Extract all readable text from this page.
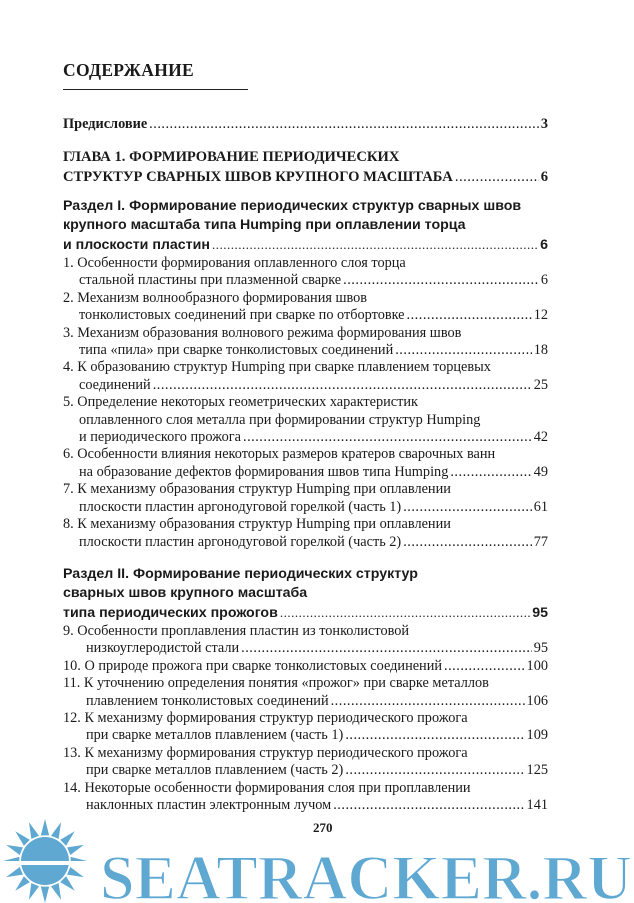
СОДЕРЖАНИЕ
Предисловие .....	3
ГЛАВА 1. ФОРМИРОВАНИЕ ПЕРИОДИЧЕСКИХ
СТРУКТУР СВАРНЫХ ШВОВ КРУПНОГО МАСШТАБА .....	6
Раздел I. Формирование периодических структур сварных швов
крупного масштаба типа Humping при оплавлении торца
и плоскости пластин .....	6
1. Особенности формирования оплавленного слоя торца
стальной пластины при плазменной сварке .....	6
2. Механизм волнообразного формирования швов
тонколистовых соединений при сварке по отбортовке .....	12
3. Механизм образования волнового режима формирования швов
типа «пила» при сварке тонколистовых соединений .....	18
4. К образованию структур Humping при сварке плавлением торцевых
соединений .....	25
5. Определение некоторых геометрических характеристик
оплавленного слоя металла при формировании структур Humping
и периодического прожога .....	42
6. Особенности влияния некоторых размеров кратеров сварочных ванн
на образование дефектов формирования швов типа Humping .....	49
7. К механизму образования структур Humping при оплавлении
плоскости пластин аргонодуговой горелкой (часть 1) .....	61
8. К механизму образования структур Humping при оплавлении
плоскости пластин аргонодуговой горелкой (часть 2) .....	77
Раздел II. Формирование периодических структур
сварных швов крупного масштаба
типа периодических прожогов .....	95
9. Особенности проплавления пластин из тонколистовой
низкоуглеродистой стали .....	95
10. О природе прожога при сварке тонколистовых соединений .....	100
11. К уточнению определения понятия «прожог» при сварке металлов
плавлением тонколистовых соединений .....	106
12. К механизму формирования структур периодического прожога
при сварке металлов плавлением (часть 1) .....	109
13. К механизму формирования структур периодического прожога
при сварке металлов плавлением (часть 2) .....	125
14. Некоторые особенности формирования слоя при проплавлении
наклонных пластин электронным лучом .....	141
SEATRACKER.RU
270
